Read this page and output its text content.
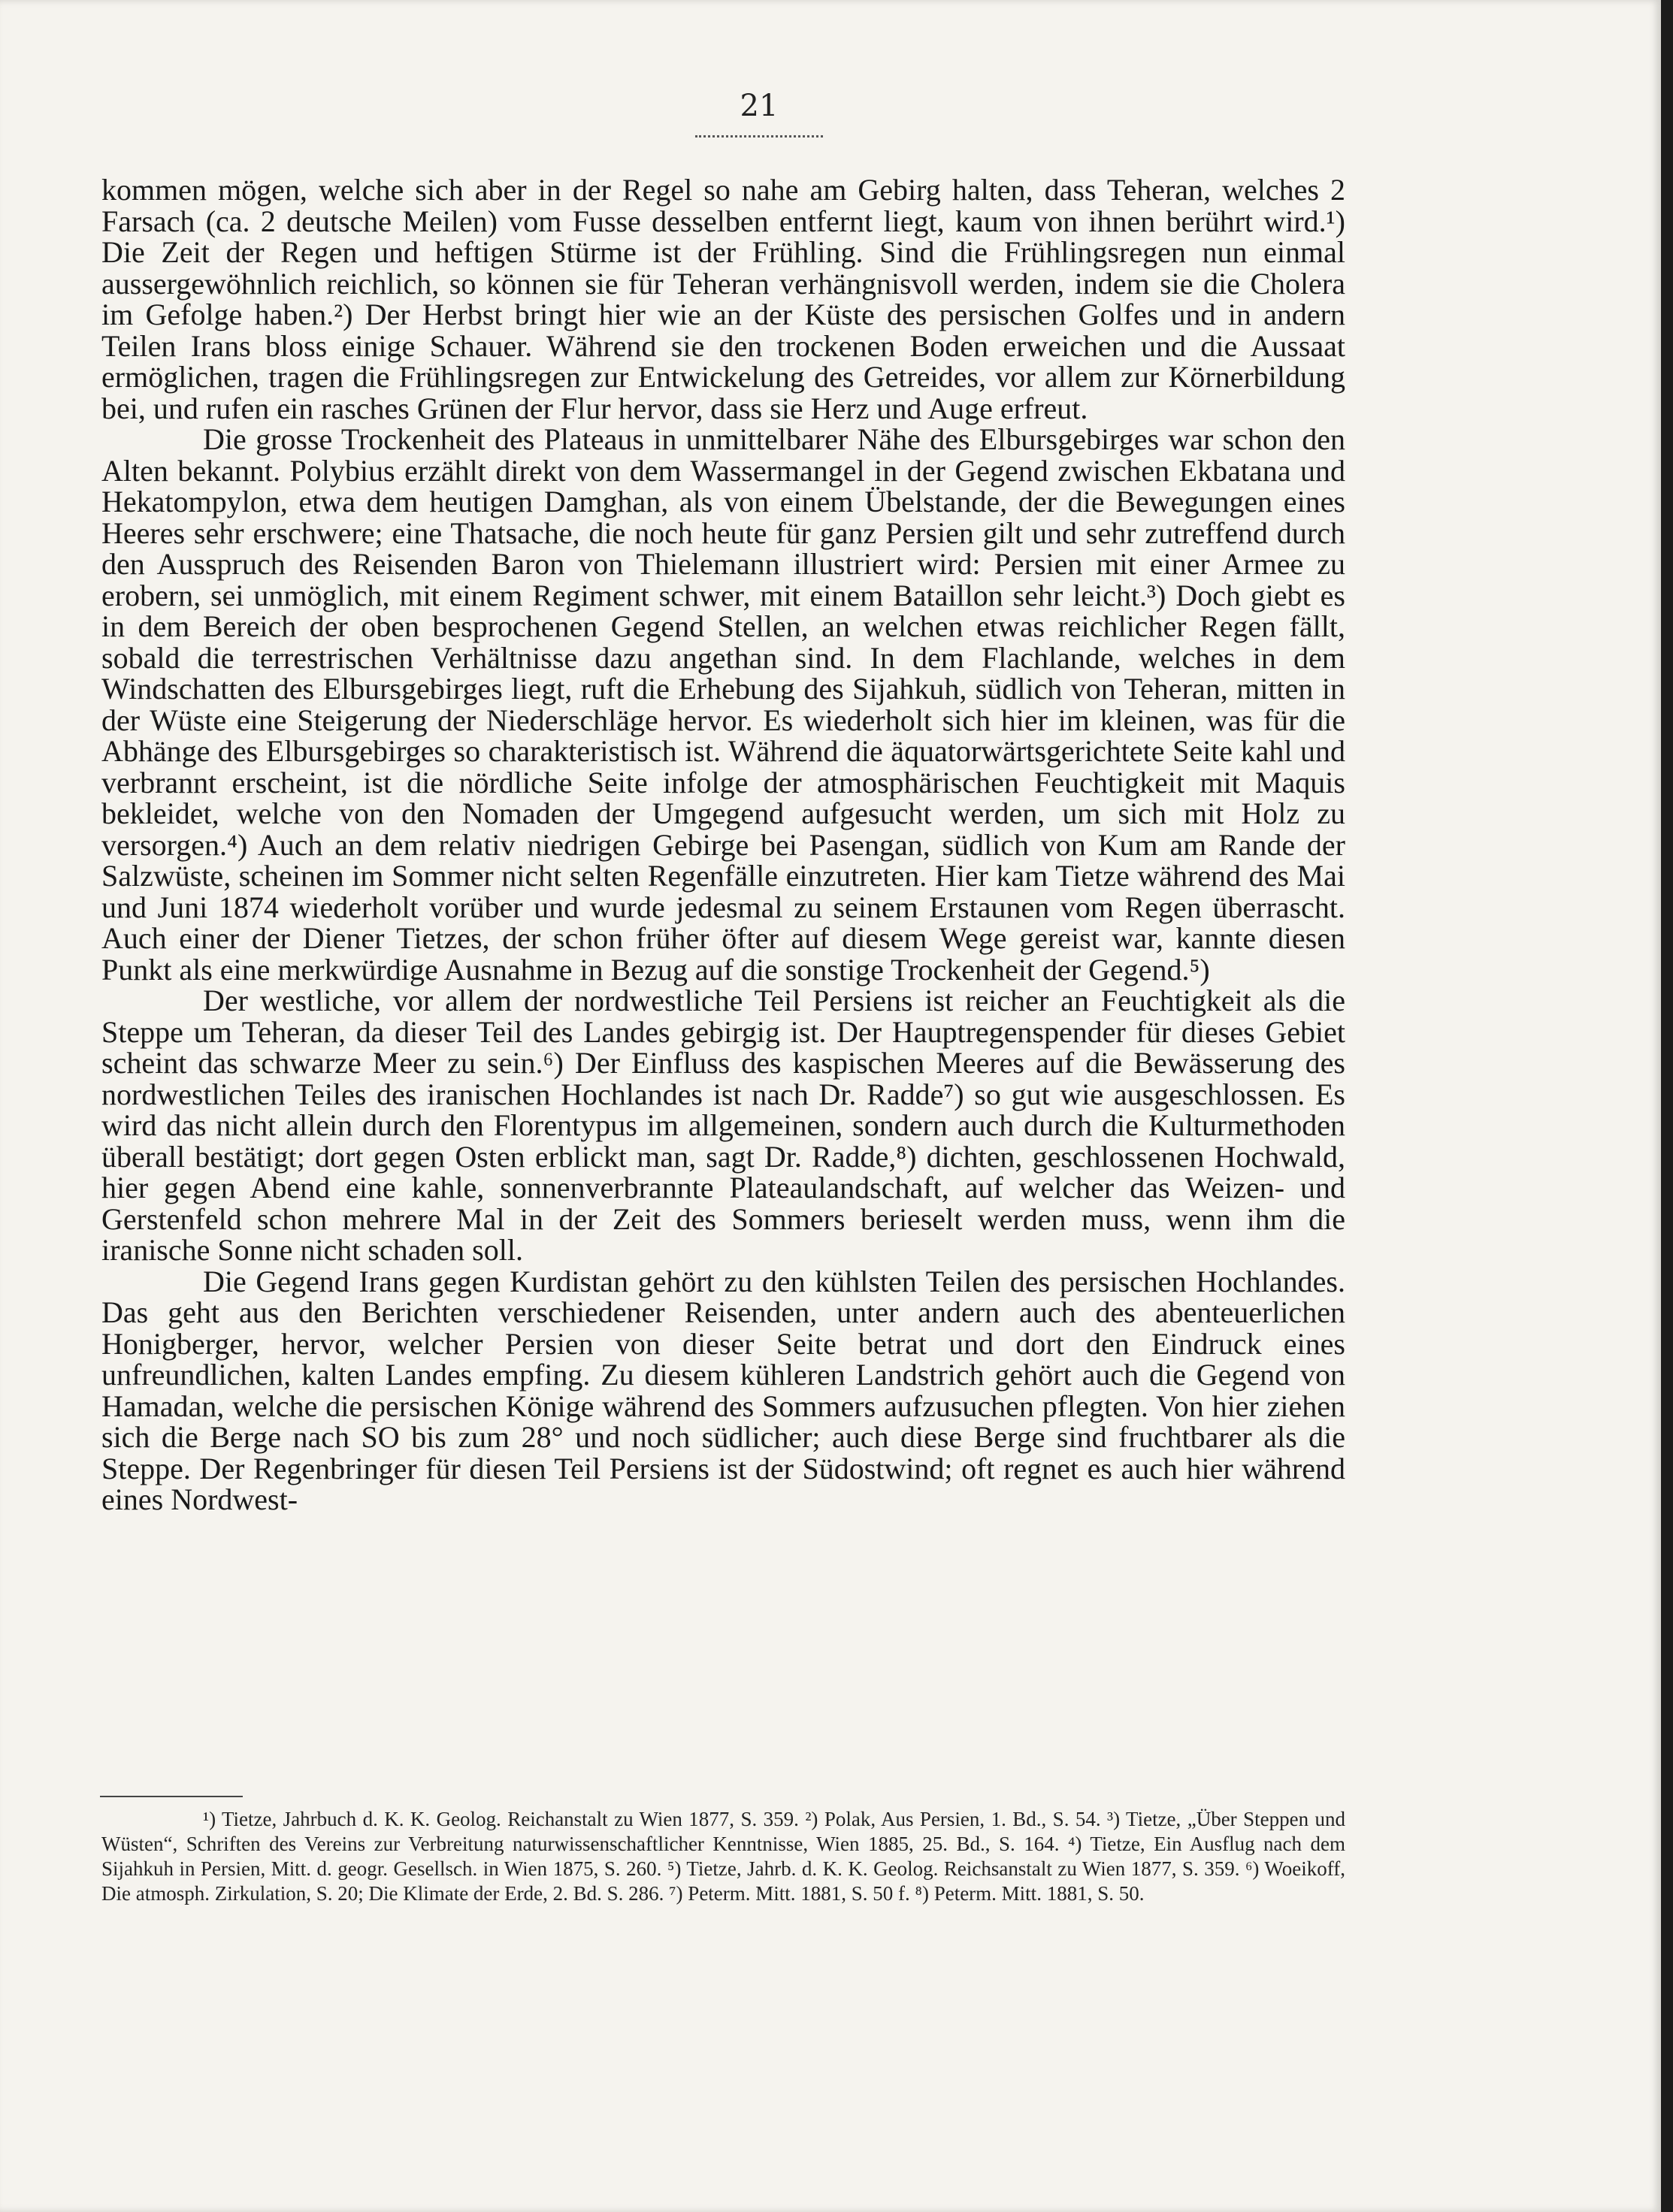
21

kommen mögen, welche sich aber in der Regel so nahe am Gebirg halten, dass Teheran, welches 2 Farsach (ca. 2 deutsche Meilen) vom Fusse desselben entfernt liegt, kaum von ihnen berührt wird.¹) Die Zeit der Regen und heftigen Stürme ist der Frühling. Sind die Frühlingsregen nun einmal aussergewöhnlich reichlich, so können sie für Teheran verhängnisvoll werden, indem sie die Cholera im Gefolge haben.²) Der Herbst bringt hier wie an der Küste des persischen Golfes und in andern Teilen Irans bloss einige Schauer. Während sie den trockenen Boden erweichen und die Aussaat ermöglichen, tragen die Frühlingsregen zur Entwickelung des Getreides, vor allem zur Körnerbildung bei, und rufen ein rasches Grünen der Flur hervor, dass sie Herz und Auge erfreut.

Die grosse Trockenheit des Plateaus in unmittelbarer Nähe des Elbursgebirges war schon den Alten bekannt. Polybius erzählt direkt von dem Wassermangel in der Gegend zwischen Ekbatana und Hekatompylon, etwa dem heutigen Damghan, als von einem Übelstande, der die Bewegungen eines Heeres sehr erschwere; eine Thatsache, die noch heute für ganz Persien gilt und sehr zutreffend durch den Ausspruch des Reisenden Baron von Thielemann illustriert wird: Persien mit einer Armee zu erobern, sei unmöglich, mit einem Regiment schwer, mit einem Bataillon sehr leicht.³) Doch giebt es in dem Bereich der oben besprochenen Gegend Stellen, an welchen etwas reichlicher Regen fällt, sobald die terrestrischen Verhältnisse dazu angethan sind. In dem Flachlande, welches in dem Windschatten des Elbursgebirges liegt, ruft die Erhebung des Sijahkuh, südlich von Teheran, mitten in der Wüste eine Steigerung der Niederschläge hervor. Es wiederholt sich hier im kleinen, was für die Abhänge des Elbursgebirges so charakteristisch ist. Während die äquatorwärtsgerichtete Seite kahl und verbrannt erscheint, ist die nördliche Seite infolge der atmosphärischen Feuchtigkeit mit Maquis bekleidet, welche von den Nomaden der Umgegend aufgesucht werden, um sich mit Holz zu versorgen.⁴) Auch an dem relativ niedrigen Gebirge bei Pasengan, südlich von Kum am Rande der Salzwüste, scheinen im Sommer nicht selten Regenfälle einzutreten. Hier kam Tietze während des Mai und Juni 1874 wiederholt vorüber und wurde jedesmal zu seinem Erstaunen vom Regen überrascht. Auch einer der Diener Tietzes, der schon früher öfter auf diesem Wege gereist war, kannte diesen Punkt als eine merkwürdige Ausnahme in Bezug auf die sonstige Trockenheit der Gegend.⁵)

Der westliche, vor allem der nordwestliche Teil Persiens ist reicher an Feuchtigkeit als die Steppe um Teheran, da dieser Teil des Landes gebirgig ist. Der Hauptregenspender für dieses Gebiet scheint das schwarze Meer zu sein.⁶) Der Einfluss des kaspischen Meeres auf die Bewässerung des nordwestlichen Teiles des iranischen Hochlandes ist nach Dr. Radde⁷) so gut wie ausgeschlossen. Es wird das nicht allein durch den Florentypus im allgemeinen, sondern auch durch die Kulturmethoden überall bestätigt; dort gegen Osten erblickt man, sagt Dr. Radde,⁸) dichten, geschlossenen Hochwald, hier gegen Abend eine kahle, sonnenverbrannte Plateaulandschaft, auf welcher das Weizen- und Gerstenfeld schon mehrere Mal in der Zeit des Sommers berieselt werden muss, wenn ihm die iranische Sonne nicht schaden soll.

Die Gegend Irans gegen Kurdistan gehört zu den kühlsten Teilen des persischen Hochlandes. Das geht aus den Berichten verschiedener Reisenden, unter andern auch des abenteuerlichen Honigberger, hervor, welcher Persien von dieser Seite betrat und dort den Eindruck eines unfreundlichen, kalten Landes empfing. Zu diesem kühleren Landstrich gehört auch die Gegend von Hamadan, welche die persischen Könige während des Sommers aufzusuchen pflegten. Von hier ziehen sich die Berge nach SO bis zum 28° und noch südlicher; auch diese Berge sind fruchtbarer als die Steppe. Der Regenbringer für diesen Teil Persiens ist der Südostwind; oft regnet es auch hier während eines Nordwest-

¹) Tietze, Jahrbuch d. K. K. Geolog. Reichanstalt zu Wien 1877, S. 359. ²) Polak, Aus Persien, 1. Bd., S. 54. ³) Tietze, „Über Steppen und Wüsten“, Schriften des Vereins zur Verbreitung naturwissenschaftlicher Kenntnisse, Wien 1885, 25. Bd., S. 164. ⁴) Tietze, Ein Ausflug nach dem Sijahkuh in Persien, Mitt. d. geogr. Gesellsch. in Wien 1875, S. 260. ⁵) Tietze, Jahrb. d. K. K. Geolog. Reichsanstalt zu Wien 1877, S. 359. ⁶) Woeikoff, Die atmosph. Zirkulation, S. 20; Die Klimate der Erde, 2. Bd. S. 286. ⁷) Peterm. Mitt. 1881, S. 50 f. ⁸) Peterm. Mitt. 1881, S. 50.
